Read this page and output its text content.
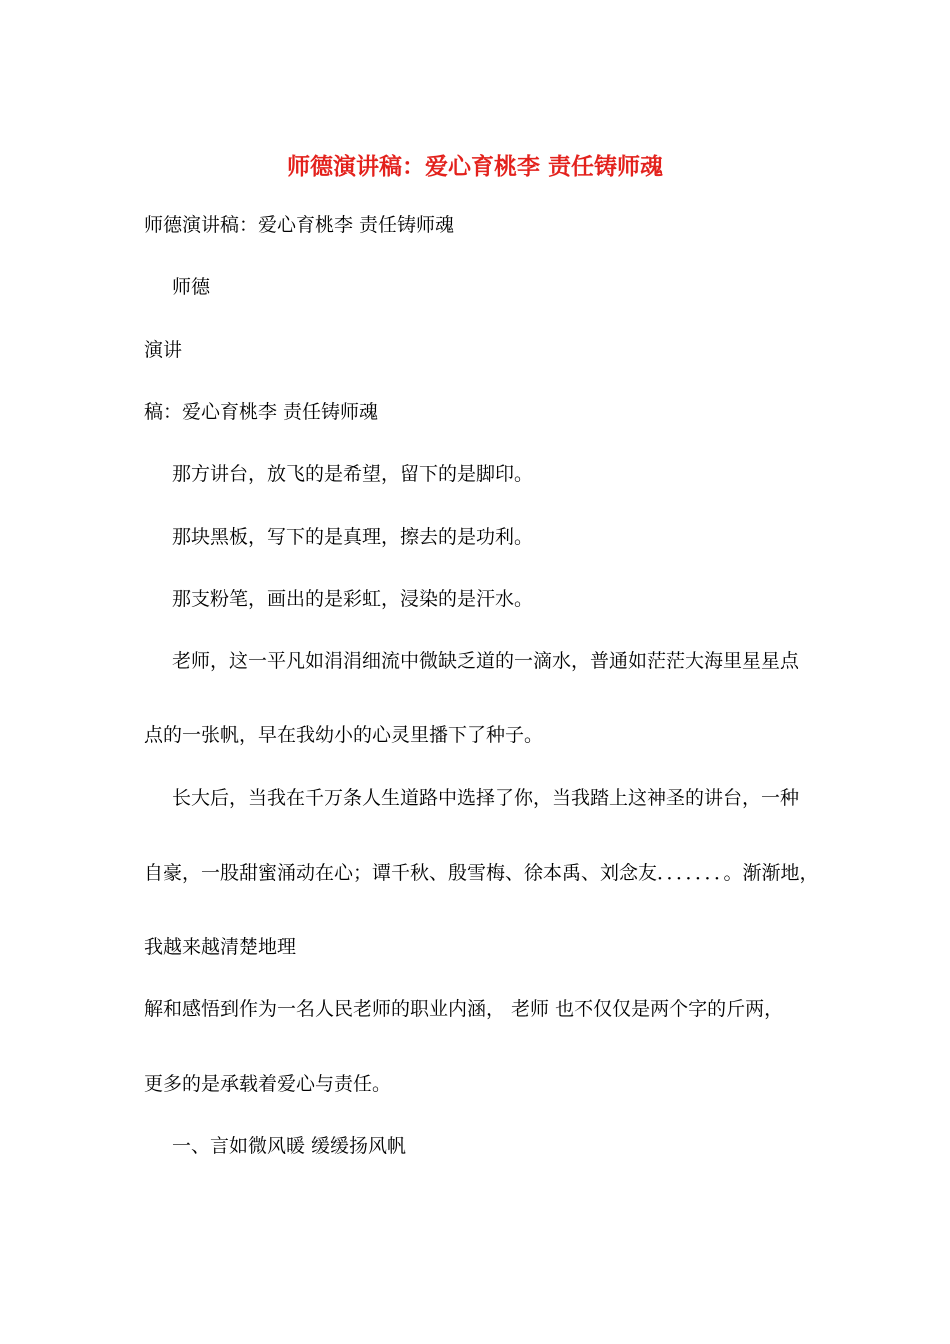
师德演讲稿：爱心育桃李 责任铸师魂
师德演讲稿：爱心育桃李 责任铸师魂
师德
演讲
稿：爱心育桃李 责任铸师魂
那方讲台，放飞的是希望，留下的是脚印。
那块黑板，写下的是真理，擦去的是功利。
那支粉笔，画出的是彩虹，浸染的是汗水。
老师，这一平凡如涓涓细流中微缺乏道的一滴水，普通如茫茫大海里星星点
点的一张帆，早在我幼小的心灵里播下了种子。
长大后，当我在千万条人生道路中选择了你，当我踏上这神圣的讲台，一种
自豪，一股甜蜜涌动在心；谭千秋、殷雪梅、徐本禹、刘念友．．．．．．．。渐渐地，
我越来越清楚地理
解和感悟到作为一名人民老师的职业内涵， 老师 也不仅仅是两个字的斤两，
更多的是承载着爱心与责任。
一、言如微风暖 缓缓扬风帆
